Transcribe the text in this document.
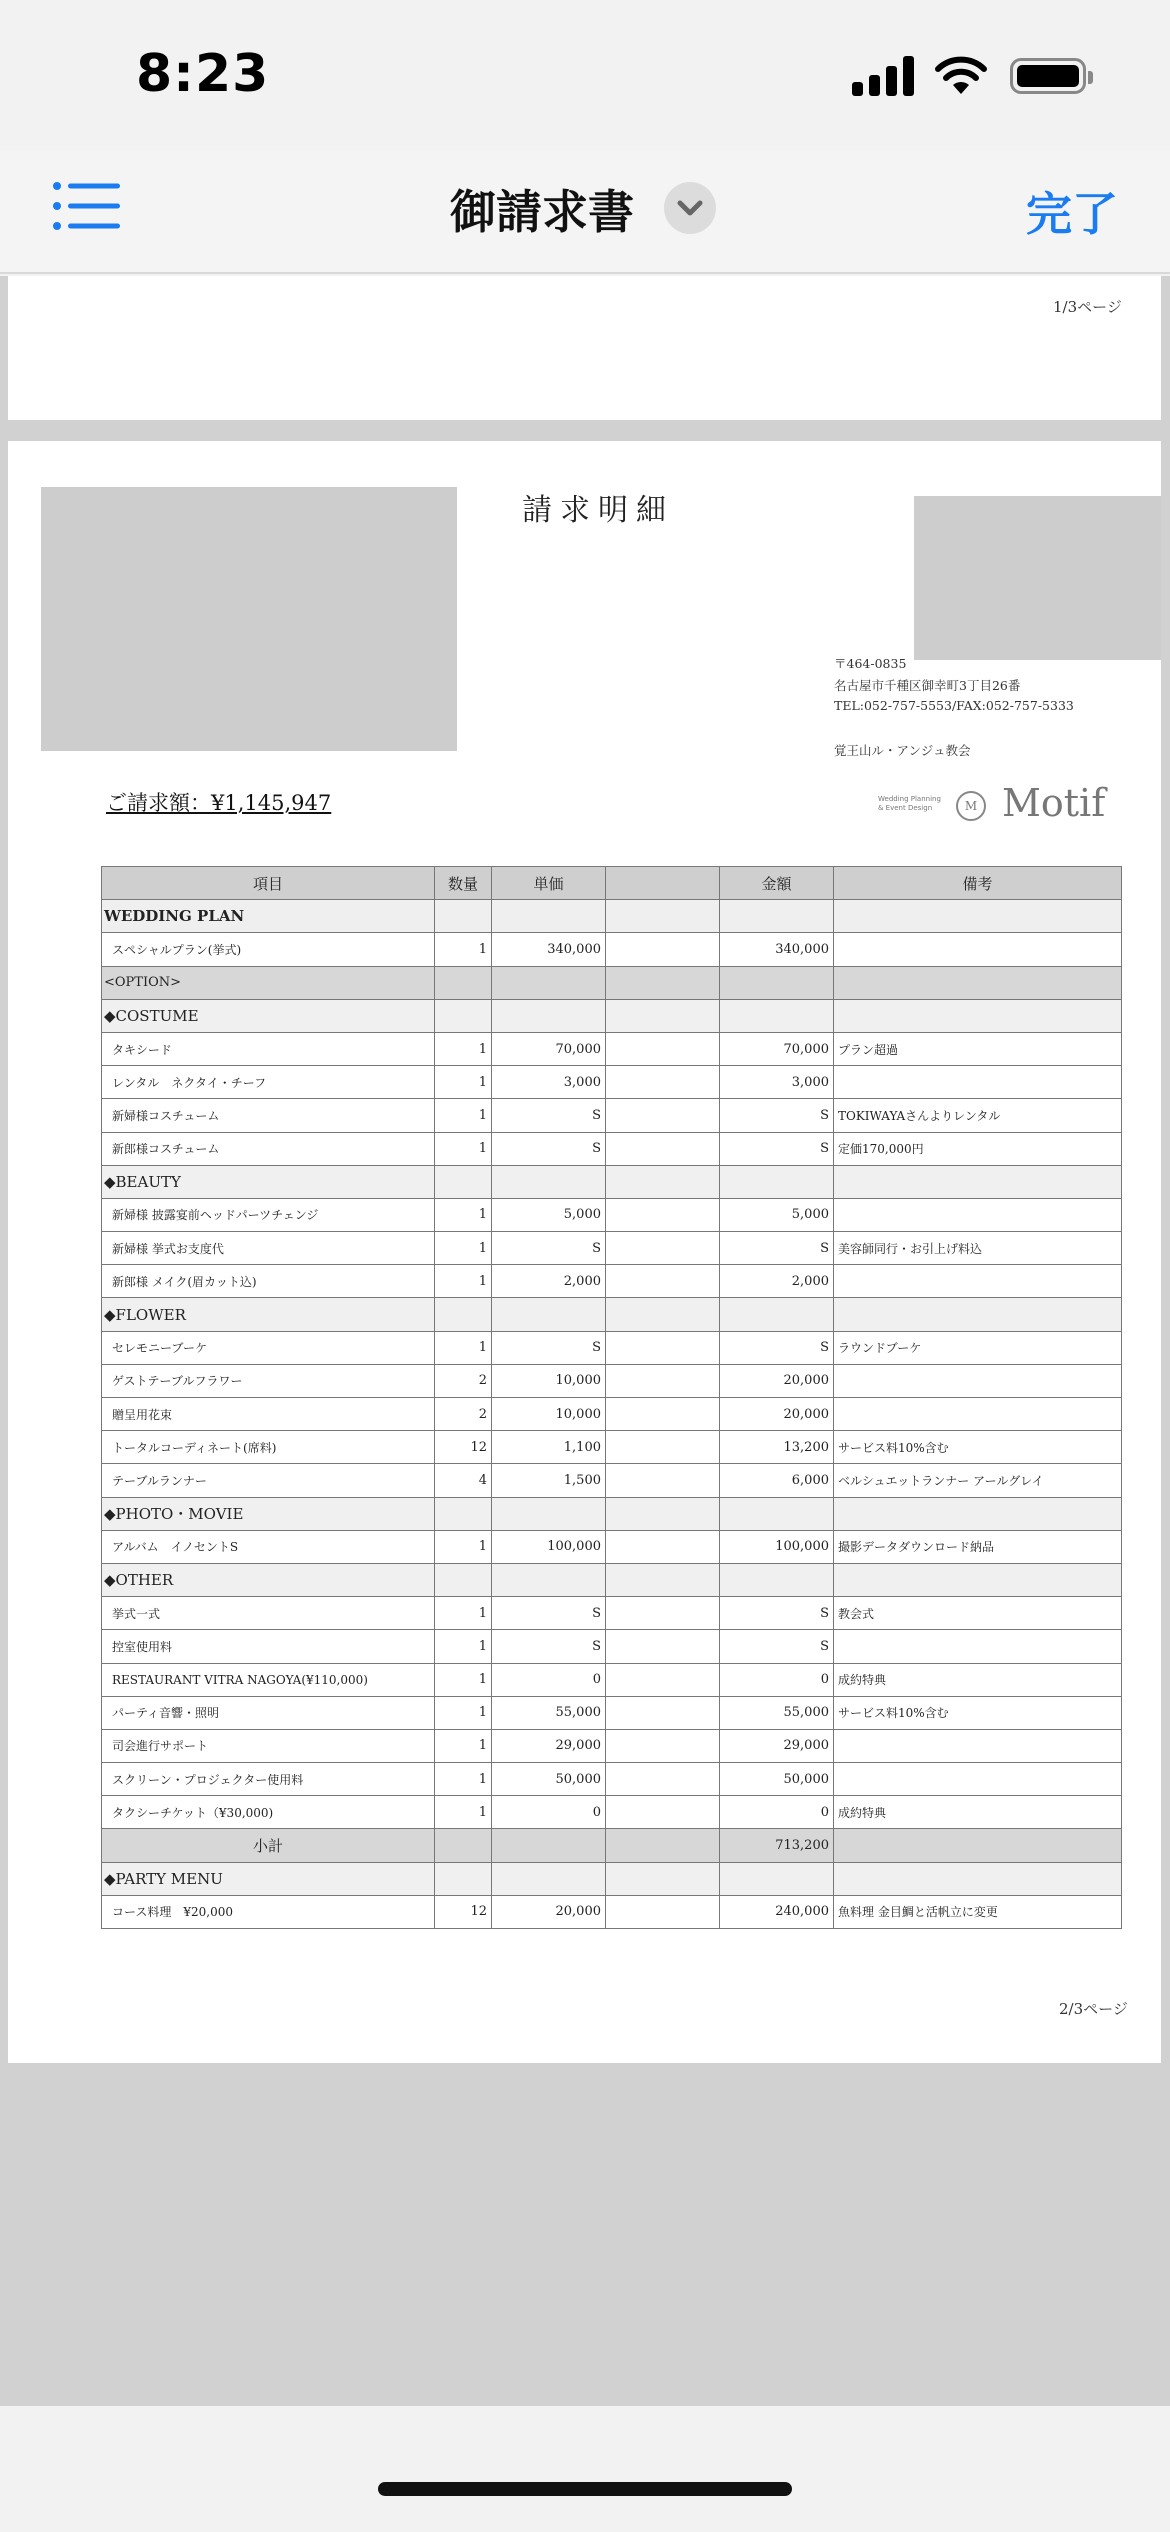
8:23
御請求書	完了
1/3ページ
請求明細
〒464-0835
名古屋市千種区御幸町3丁目26番
TEL:052-757-5553/FAX:052-757-5333
覚王山ル・アンジュ教会
ご請求額：¥1,145,947	Wedding Planning
& Event Design	M Motif
項目	数量	単価		金額	備考
WEDDING PLAN					
スペシャルプラン(挙式)	1	340,000		340,000	
<OPTION>					
◆COSTUME					
タキシード	1	70,000		70,000	プラン超過
レンタル　ネクタイ・チーフ	1	3,000		3,000	
新婦様コスチューム	1	S		S	TOKIWAYAさんよりレンタル
新郎様コスチューム	1	S		S	定価170,000円
◆BEAUTY					
新婦様 披露宴前ヘッドパーツチェンジ	1	5,000		5,000	
新婦様 挙式お支度代	1	S		S	美容師同行・お引上げ料込
新郎様 メイク(眉カット込)	1	2,000		2,000	
◆FLOWER					
セレモニーブーケ	1	S		S	ラウンドブーケ
ゲストテーブルフラワー	2	10,000		20,000	
贈呈用花束	2	10,000		20,000	
トータルコーディネート(席料)	12	1,100		13,200	サービス料10%含む
テーブルランナー	4	1,500		6,000	ベルシュエットランナー アールグレイ
◆PHOTO・MOVIE					
アルバム　イノセントS	1	100,000		100,000	撮影データダウンロード納品
◆OTHER					
挙式一式	1	S		S	教会式
控室使用料	1	S		S	
RESTAURANT VITRA NAGOYA(¥110,000)	1	0		0	成約特典
パーティ音響・照明	1	55,000		55,000	サービス料10%含む
司会進行サポート	1	29,000		29,000	
スクリーン・プロジェクター使用料	1	50,000		50,000	
タクシーチケット（¥30,000)	1	0		0	成約特典
小計				713,200	
◆PARTY MENU					
コース料理　¥20,000	12	20,000		240,000	魚料理 金目鯛と活帆立に変更
2/3ページ
